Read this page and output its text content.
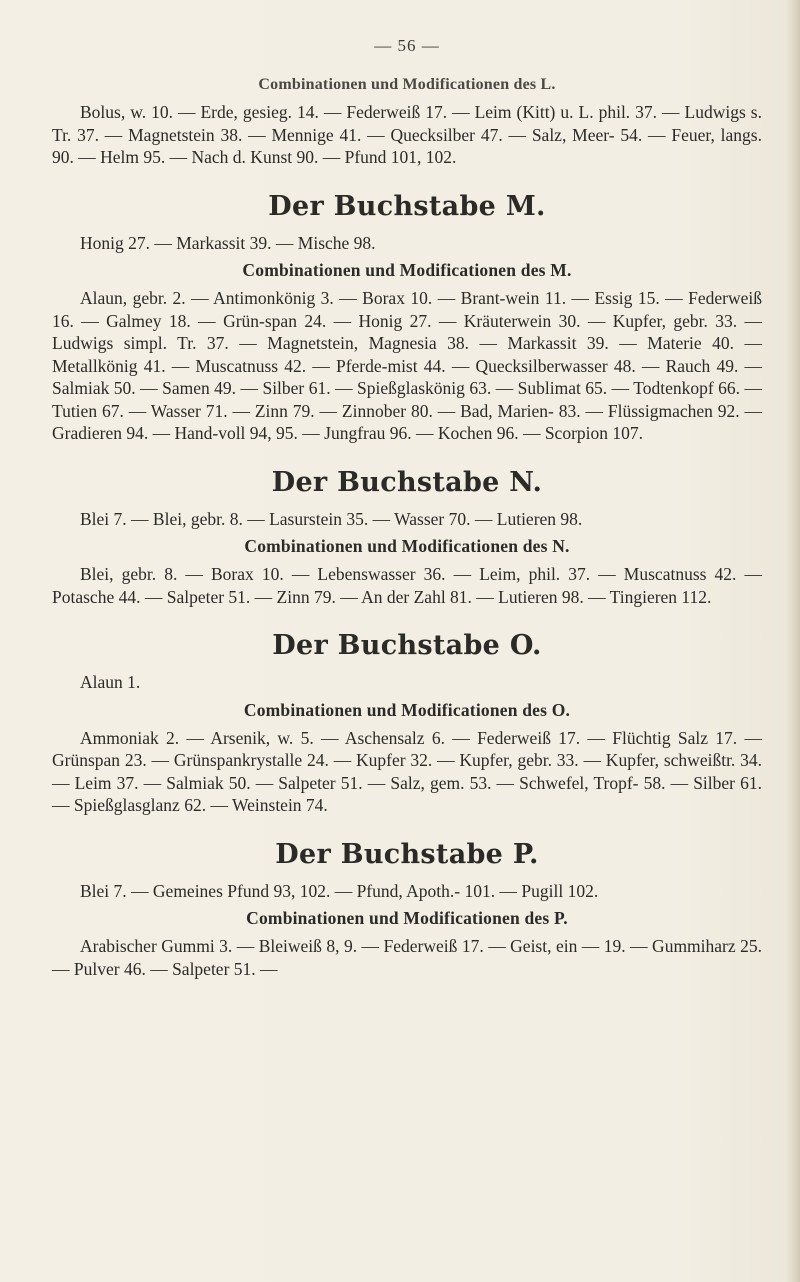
— 56 —
Combinationen und Modificationen des L.

Bolus, w. 10. — Erde, gesieg. 14. — Federweiß 17. — Leim (Kitt) u. L. phil. 37. — Ludwigs s. Tr. 37. — Magnetstein 38. — Mennige 41. — Quecksilber 47. — Salz, Meer- 54. — Feuer, langs. 90. — Helm 95. — Nach d. Kunst 90. — Pfund 101, 102.

Der Buchstabe M.

Honig 27. — Markassit 39. — Mische 98.

Combinationen und Modificationen des M.

Alaun, gebr. 2. — Antimonkönig 3. — Borax 10. — Brant-wein 11. — Essig 15. — Federweiß 16. — Galmey 18. — Grün-span 24. — Honig 27. — Kräuterwein 30. — Kupfer, gebr. 33. — Ludwigs simpl. Tr. 37. — Magnetstein, Magnesia 38. — Markassit 39. — Materie 40. — Metallkönig 41. — Muscatnuss 42. — Pferde-mist 44. — Quecksilberwasser 48. — Rauch 49. — Salmiak 50. — Samen 49. — Silber 61. — Spießglaskönig 63. — Sublimat 65. — Todtenkopf 66. — Tutien 67. — Wasser 71. — Zinn 79. — Zinnober 80. — Bad, Marien- 83. — Flüssigmachen 92. — Gradieren 94. — Hand-voll 94, 95. — Jungfrau 96. — Kochen 96. — Scorpion 107.

Der Buchstabe N.

Blei 7. — Blei, gebr. 8. — Lasurstein 35. — Wasser 70. — Lutieren 98.

Combinationen und Modificationen des N.

Blei, gebr. 8. — Borax 10. — Lebenswasser 36. — Leim, phil. 37. — Muscatnuss 42. — Potasche 44. — Salpeter 51. — Zinn 79. — An der Zahl 81. — Lutieren 98. — Tingieren 112.

Der Buchstabe O.

Alaun 1.

Combinationen und Modificationen des O.

Ammoniak 2. — Arsenik, w. 5. — Aschensalz 6. — Federweiß 17. — Flüchtig Salz 17. — Grünspan 23. — Grünspankrystalle 24. — Kupfer 32. — Kupfer, gebr. 33. — Kupfer, schweißtr. 34. — Leim 37. — Salmiak 50. — Salpeter 51. — Salz, gem. 53. — Schwefel, Tropf- 58. — Silber 61. — Spießglasglanz 62. — Weinstein 74.

Der Buchstabe P.

Blei 7. — Gemeines Pfund 93, 102. — Pfund, Apoth.- 101. — Pugill 102.

Combinationen und Modificationen des P.

Arabischer Gummi 3. — Bleiweiß 8, 9. — Federweiß 17. — Geist, ein — 19. — Gummiharz 25. — Pulver 46. — Salpeter 51. —
